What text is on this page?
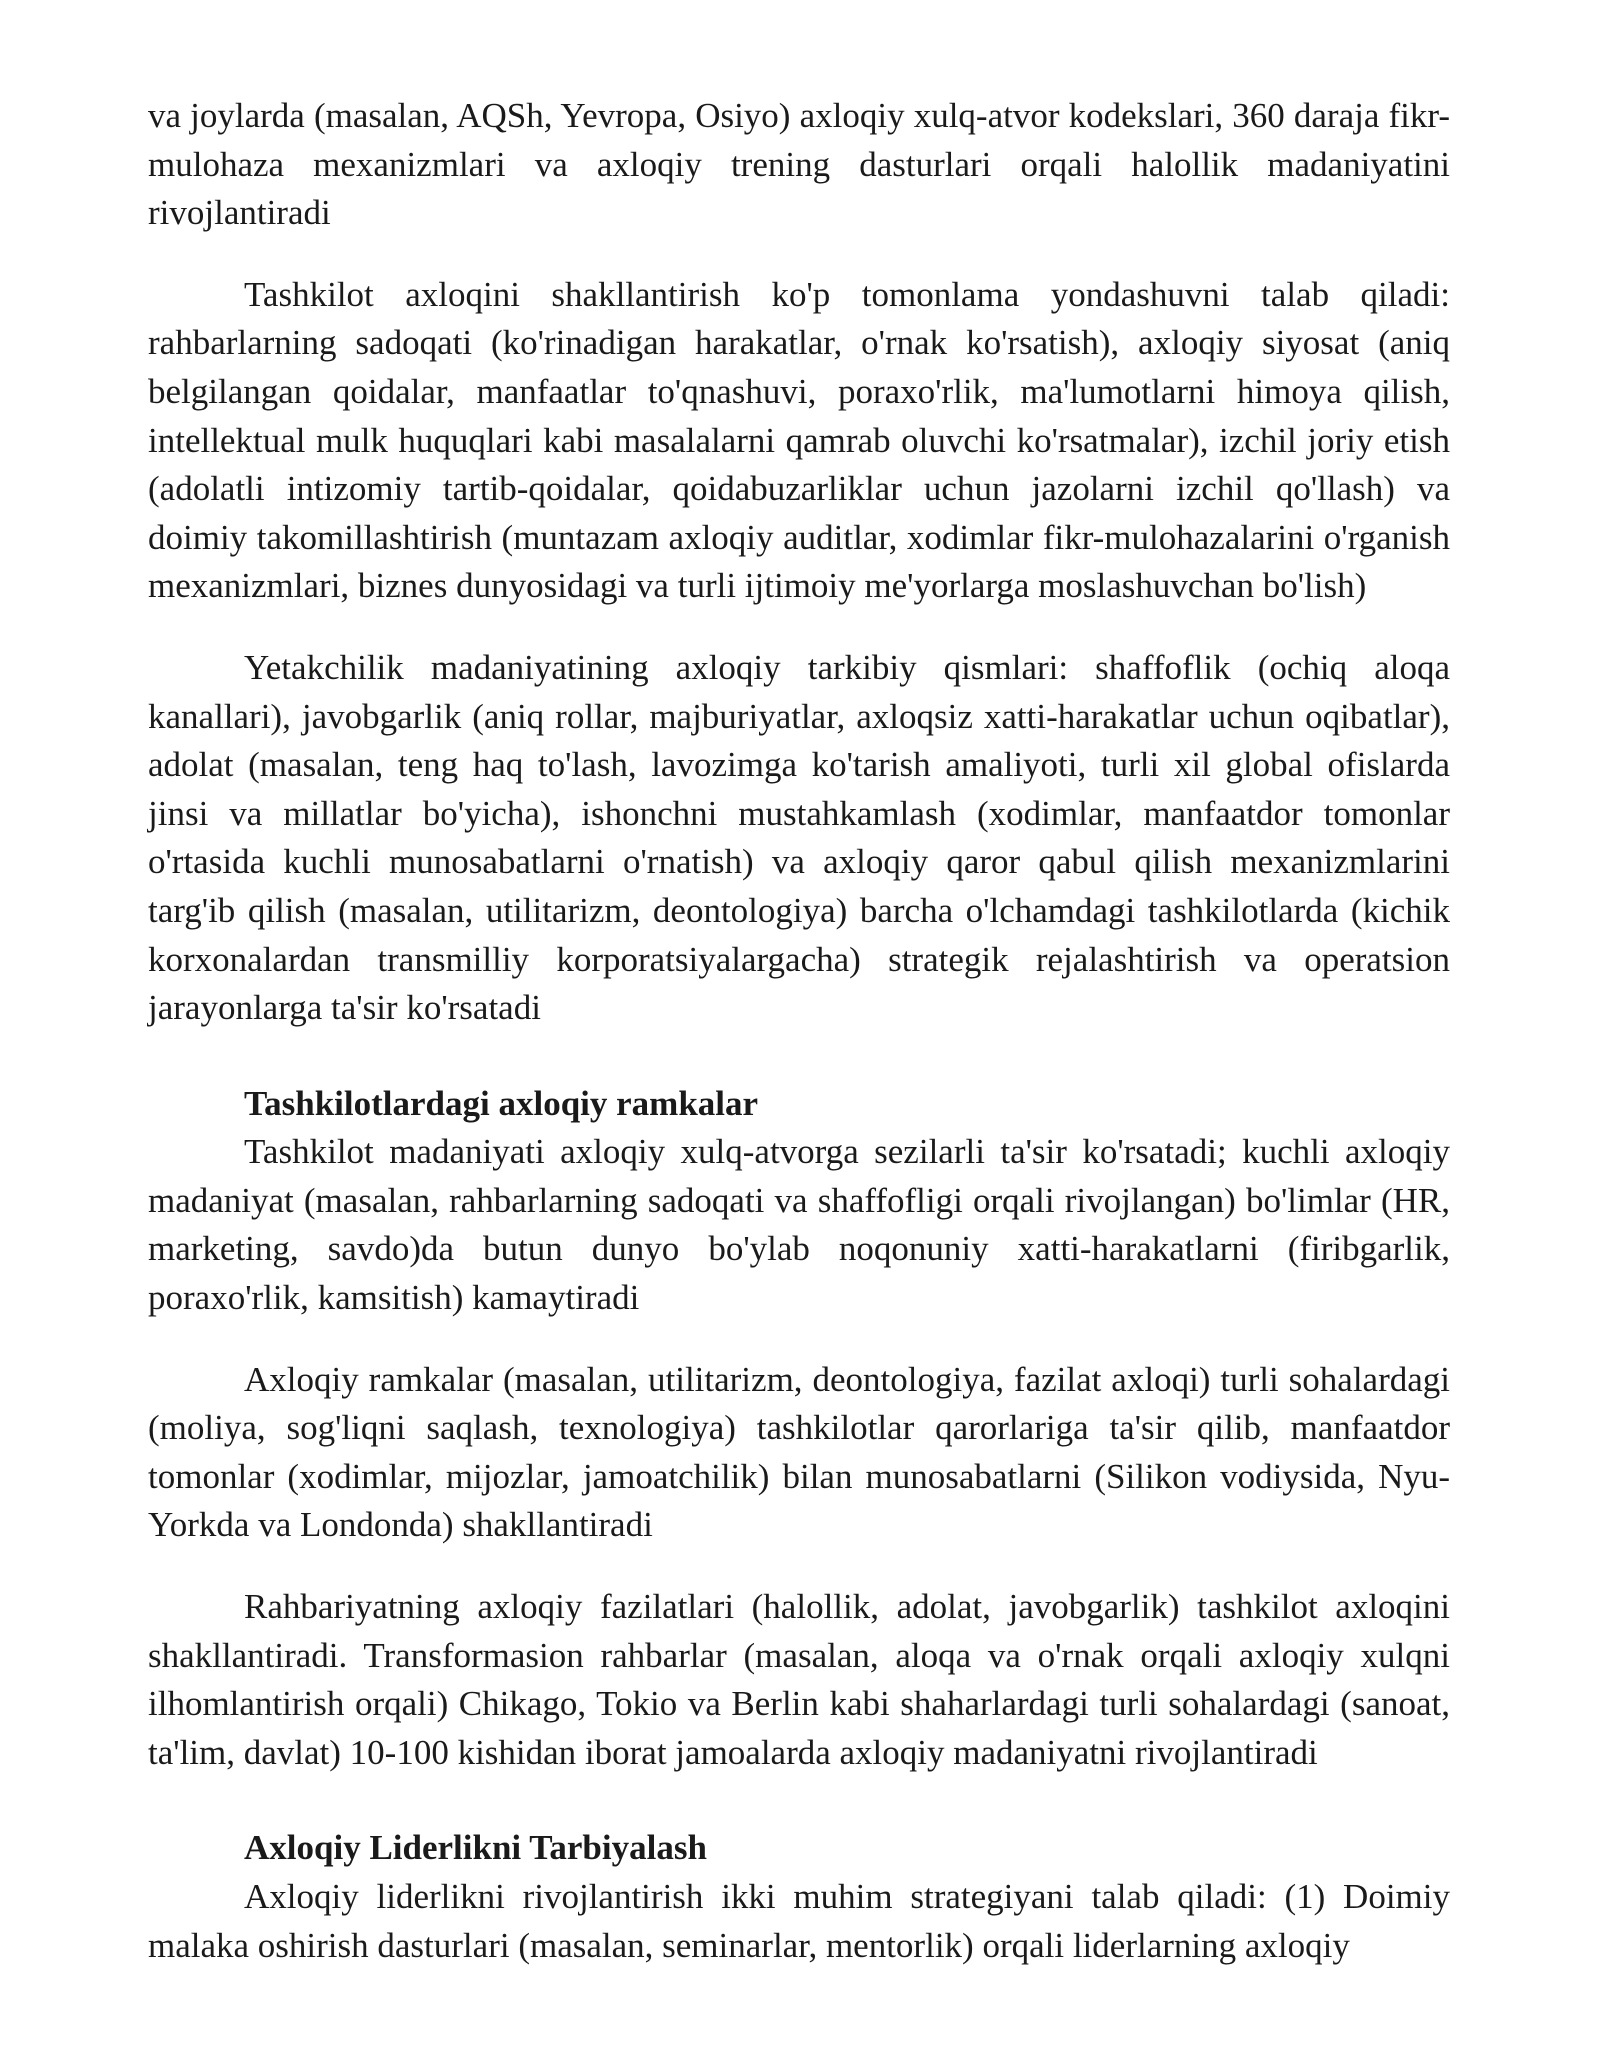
va joylarda (masalan, AQSh, Yevropa, Osiyo) axloqiy xulq-atvor kodekslari, 360 daraja fikr-mulohaza mexanizmlari va axloqiy trening dasturlari orqali halollik madaniyatini rivojlantiradi

Tashkilot axloqini shakllantirish ko'p tomonlama yondashuvni talab qiladi: rahbarlarning sadoqati (ko'rinadigan harakatlar, o'rnak ko'rsatish), axloqiy siyosat (aniq belgilangan qoidalar, manfaatlar to'qnashuvi, poraxo'rlik, ma'lumotlarni himoya qilish, intellektual mulk huquqlari kabi masalalarni qamrab oluvchi ko'rsatmalar), izchil joriy etish (adolatli intizomiy tartib-qoidalar, qoidabuzarliklar uchun jazolarni izchil qo'llash) va doimiy takomillashtirish (muntazam axloqiy auditlar, xodimlar fikr-mulohazalarini o'rganish mexanizmlari, biznes dunyosidagi va turli ijtimoiy me'yorlarga moslashuvchan bo'lish)

Yetakchilik madaniyatining axloqiy tarkibiy qismlari: shaffoflik (ochiq aloqa kanallari), javobgarlik (aniq rollar, majburiyatlar, axloqsiz xatti-harakatlar uchun oqibatlar), adolat (masalan, teng haq to'lash, lavozimga ko'tarish amaliyoti, turli xil global ofislarda jinsi va millatlar bo'yicha), ishonchni mustahkamlash (xodimlar, manfaatdor tomonlar o'rtasida kuchli munosabatlarni o'rnatish) va axloqiy qaror qabul qilish mexanizmlarini targ'ib qilish (masalan, utilitarizm, deontologiya) barcha o'lchamdagi tashkilotlarda (kichik korxonalardan transmilliy korporatsiyalargacha) strategik rejalashtirish va operatsion jarayonlarga ta'sir ko'rsatadi

Tashkilotlardagi axloqiy ramkalar

Tashkilot madaniyati axloqiy xulq-atvorga sezilarli ta'sir ko'rsatadi; kuchli axloqiy madaniyat (masalan, rahbarlarning sadoqati va shaffofligi orqali rivojlangan) bo'limlar (HR, marketing, savdo)da butun dunyo bo'ylab noqonuniy xatti-harakatlarni (firibgarlik, poraxo'rlik, kamsitish) kamaytiradi

Axloqiy ramkalar (masalan, utilitarizm, deontologiya, fazilat axloqi) turli sohalardagi (moliya, sog'liqni saqlash, texnologiya) tashkilotlar qarorlariga ta'sir qilib, manfaatdor tomonlar (xodimlar, mijozlar, jamoatchilik) bilan munosabatlarni (Silikon vodiysida, Nyu-Yorkda va Londonda) shakllantiradi

Rahbariyatning axloqiy fazilatlari (halollik, adolat, javobgarlik) tashkilot axloqini shakllantiradi. Transformasion rahbarlar (masalan, aloqa va o'rnak orqali axloqiy xulqni ilhomlantirish orqali) Chikago, Tokio va Berlin kabi shaharlardagi turli sohalardagi (sanoat, ta'lim, davlat) 10-100 kishidan iborat jamoalarda axloqiy madaniyatni rivojlantiradi

Axloqiy Liderlikni Tarbiyalash

Axloqiy liderlikni rivojlantirish ikki muhim strategiyani talab qiladi: (1) Doimiy malaka oshirish dasturlari (masalan, seminarlar, mentorlik) orqali liderlarning axloqiy
